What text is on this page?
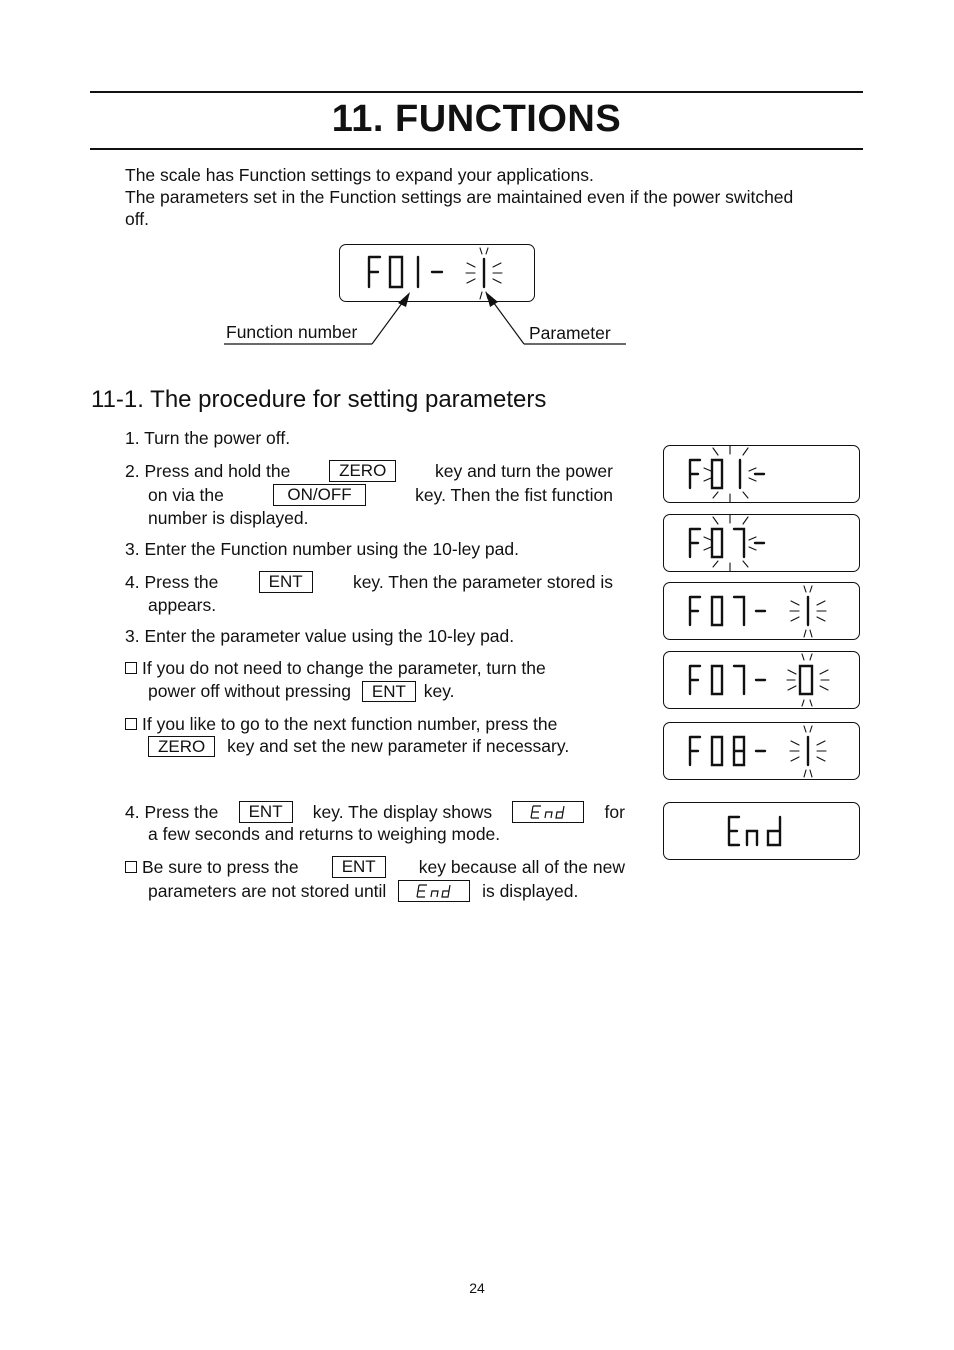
11. FUNCTIONS
The scale has Function settings to expand your applications.
The parameters set in the Function settings are maintained even if the power switched
off.
Function number	Parameter
11-1. The procedure for setting parameters
1. Turn the power off.
2. Press and hold the	ZERO	key and turn the power
on via the	ON/OFF	key. Then the fist function
number is displayed.
3. Enter the Function number using the 10-ley pad.
4. Press the	ENT	key. Then the parameter stored is
appears.
3. Enter the parameter value using the 10-ley pad.
If you do not need to change the parameter, turn the
power off without pressing ENT key.
If you like to go to the next function number, press the
ZERO key and set the new parameter if necessary.
4. Press the	ENT	key. The display shows	End	for
a few seconds and returns to weighing mode.
Be sure to press the	ENT	key because all of the new
parameters are not stored until	is displayed.
24
